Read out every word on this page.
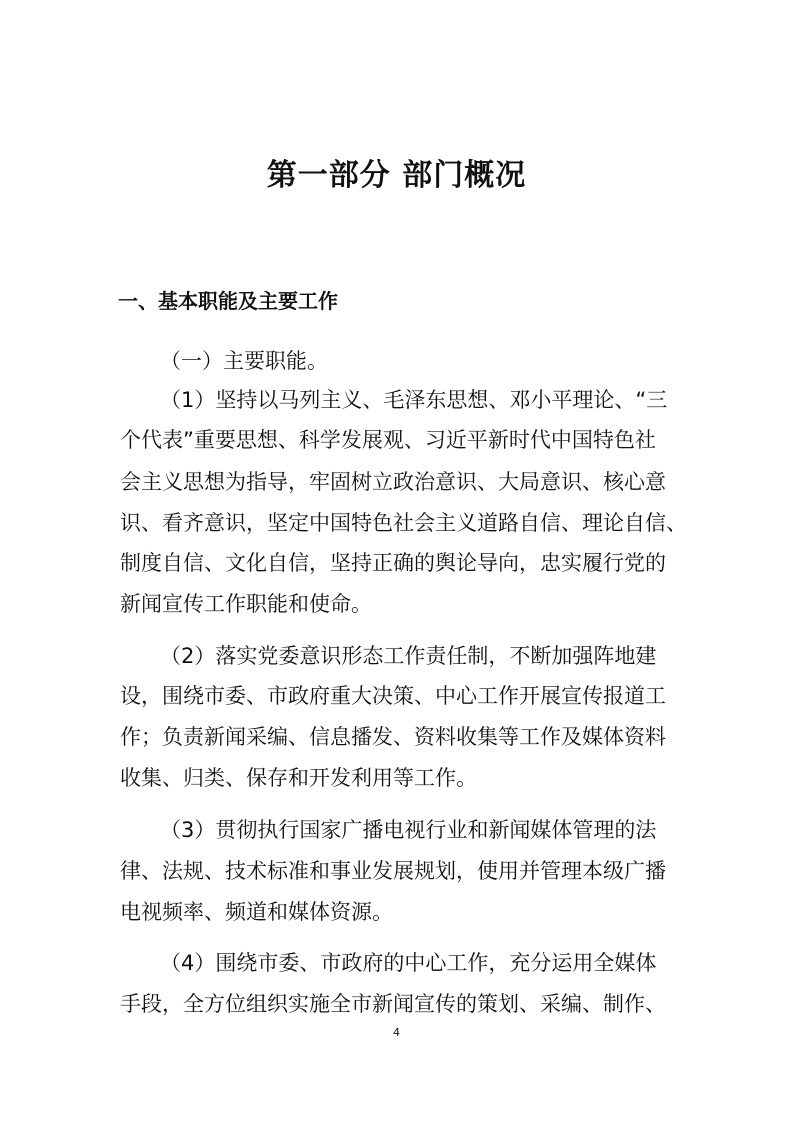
第一部分 部门概况
一、基本职能及主要工作

（一）主要职能。

（1）坚持以马列主义、毛泽东思想、邓小平理论、“三

个代表”重要思想、科学发展观、习近平新时代中国特色社

会主义思想为指导，牢固树立政治意识、大局意识、核心意

识、看齐意识，坚定中国特色社会主义道路自信、理论自信、

制度自信、文化自信，坚持正确的舆论导向，忠实履行党的

新闻宣传工作职能和使命。

（2）落实党委意识形态工作责任制，不断加强阵地建

设，围绕市委、市政府重大决策、中心工作开展宣传报道工

作；负责新闻采编、信息播发、资料收集等工作及媒体资料

收集、归类、保存和开发利用等工作。

（3）贯彻执行国家广播电视行业和新闻媒体管理的法

律、法规、技术标准和事业发展规划，使用并管理本级广播

电视频率、频道和媒体资源。

（4）围绕市委、市政府的中心工作，充分运用全媒体

手段，全方位组织实施全市新闻宣传的策划、采编、制作、

4
